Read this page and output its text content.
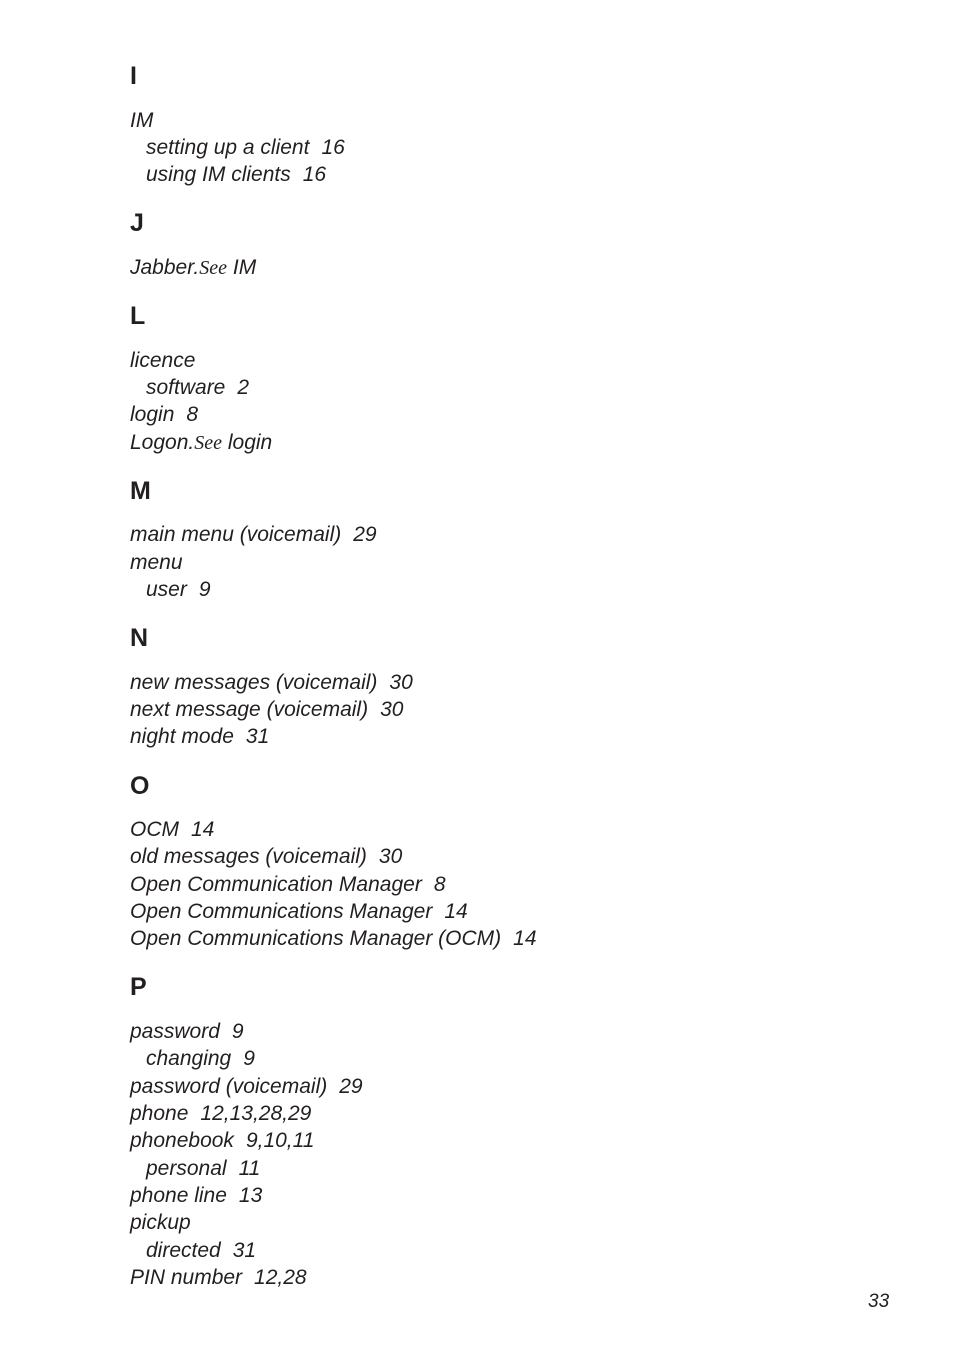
I
IM
setting up a client 16
using IM clients 16
J
Jabber.See IM
L
licence
software 2
login 8
Logon.See login
M
main menu (voicemail) 29
menu
user 9
N
new messages (voicemail) 30
next message (voicemail) 30
night mode 31
O
OCM 14
old messages (voicemail) 30
Open Communication Manager 8
Open Communications Manager 14
Open Communications Manager (OCM) 14
P
password 9
changing 9
password (voicemail) 29
phone 12,13,28,29
phonebook 9,10,11
personal 11
phone line 13
pickup
directed 31
PIN number 12,28
33
